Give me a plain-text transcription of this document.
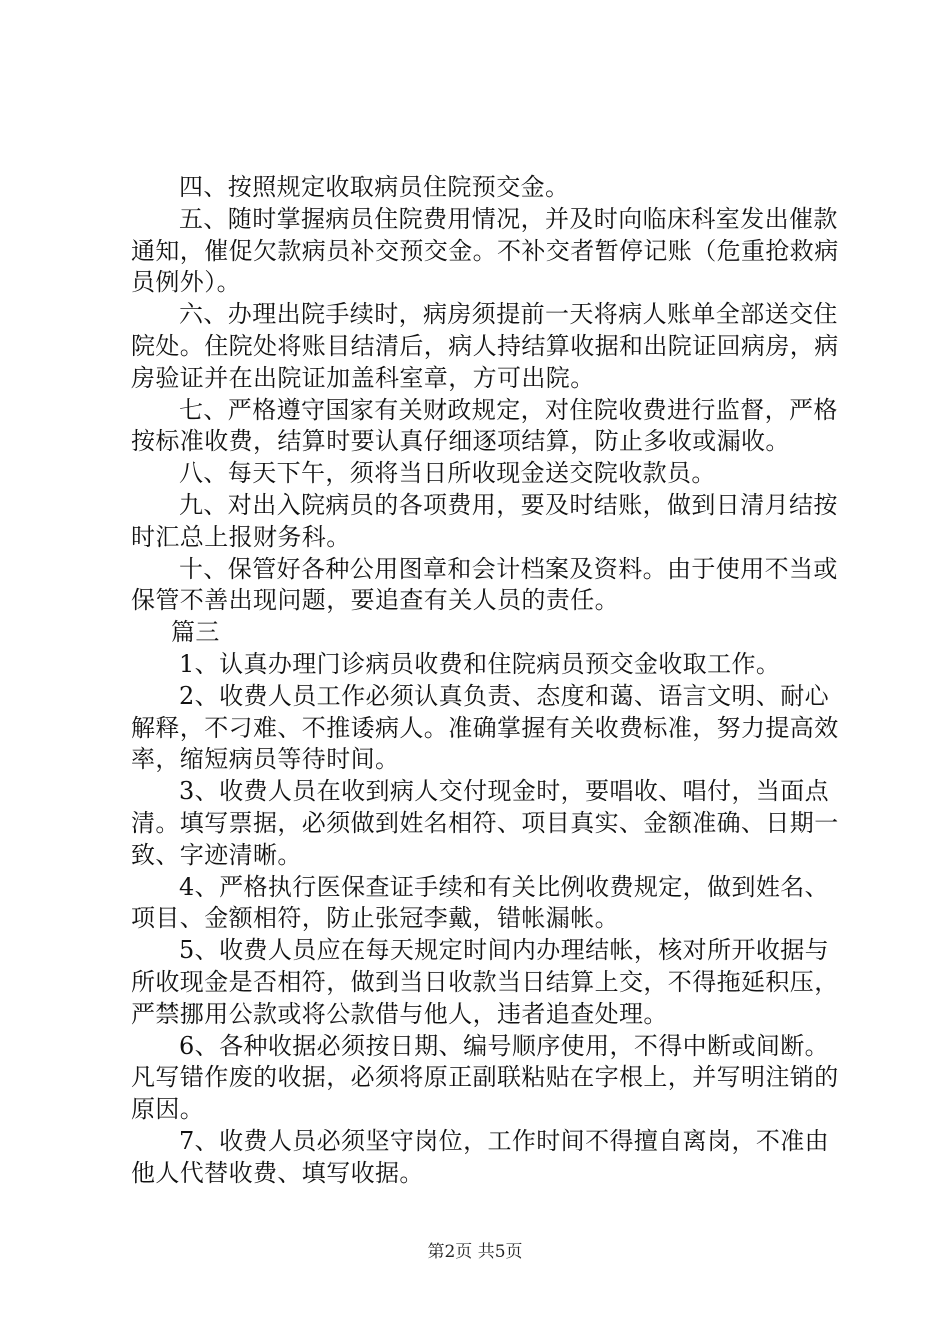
四、按照规定收取病员住院预交金。

五、随时掌握病员住院费用情况，并及时向临床科室发出催款通知，催促欠款病员补交预交金。不补交者暂停记账（危重抢救病员例外）。

六、办理出院手续时，病房须提前一天将病人账单全部送交住院处。住院处将账目结清后，病人持结算收据和出院证回病房，病房验证并在出院证加盖科室章，方可出院。

七、严格遵守国家有关财政规定，对住院收费进行监督，严格按标准收费，结算时要认真仔细逐项结算，防止多收或漏收。

八、每天下午，须将当日所收现金送交院收款员。

九、对出入院病员的各项费用，要及时结账，做到日清月结按时汇总上报财务科。

十、保管好各种公用图章和会计档案及资料。由于使用不当或保管不善出现问题，要追查有关人员的责任。

篇三

1、认真办理门诊病员收费和住院病员预交金收取工作。

2、收费人员工作必须认真负责、态度和蔼、语言文明、耐心解释，不刁难、不推诿病人。准确掌握有关收费标准，努力提高效率，缩短病员等待时间。

3、收费人员在收到病人交付现金时，要唱收、唱付，当面点清。填写票据，必须做到姓名相符、项目真实、金额准确、日期一致、字迹清晰。

4、严格执行医保查证手续和有关比例收费规定，做到姓名、项目、金额相符，防止张冠李戴，错帐漏帐。

5、收费人员应在每天规定时间内办理结帐，核对所开收据与所收现金是否相符，做到当日收款当日结算上交，不得拖延积压，严禁挪用公款或将公款借与他人，违者追查处理。

6、各种收据必须按日期、编号顺序使用，不得中断或间断。凡写错作废的收据，必须将原正副联粘贴在字根上，并写明注销的原因。

7、收费人员必须坚守岗位，工作时间不得擅自离岗，不准由他人代替收费、填写收据。

第2页 共5页
